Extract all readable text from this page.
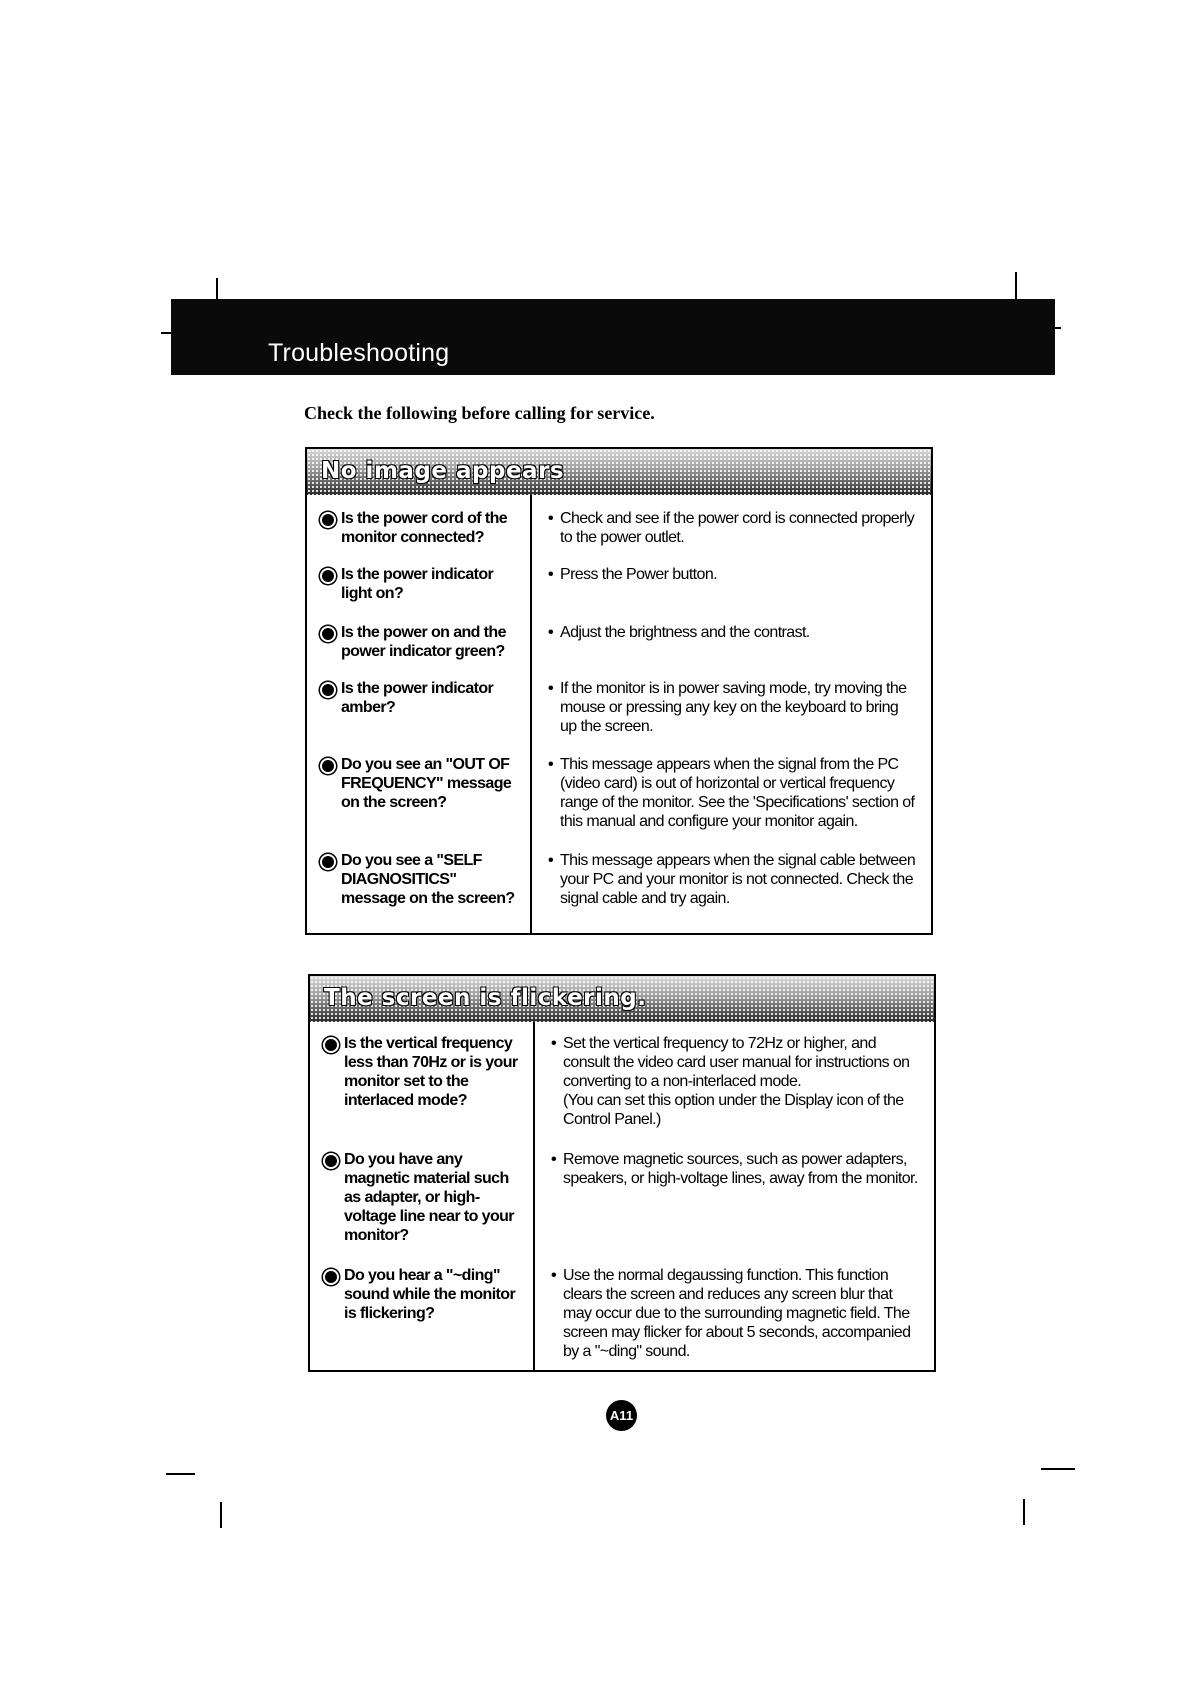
Troubleshooting
Check the following before calling for service.
No image appears
Is the power cord of the monitor connected?
• Check and see if the power cord is connected properly to the power outlet.
Is the power indicator light on?
• Press the Power button.
Is the power on and the power indicator green?
• Adjust the brightness and the contrast.
Is the power indicator amber?
• If the monitor is in power saving mode, try moving the mouse or pressing any key on the keyboard to bring up the screen.
Do you see an "OUT OF FREQUENCY" message on the screen?
• This message appears when the signal from the PC (video card) is out of horizontal or vertical frequency range of the monitor. See the 'Specifications' section of this manual and configure your monitor again.
Do you see a "SELF DIAGNOSITICS" message on the screen?
• This message appears when the signal cable between your PC and your monitor is not connected. Check the signal cable and try again.
The screen is flickering.
Is the vertical frequency less than 70Hz or is your monitor set to the interlaced mode?
• Set the vertical frequency to 72Hz or higher, and consult the video card user manual for instructions on converting to a non-interlaced mode.
(You can set this option under the Display icon of the Control Panel.)
Do you have any magnetic material such as adapter, or high-voltage line near to your monitor?
• Remove magnetic sources, such as power adapters, speakers, or high-voltage lines, away from the monitor.
Do you hear a "~ding" sound while the monitor is flickering?
• Use the normal degaussing function. This function clears the screen and reduces any screen blur that may occur due to the surrounding magnetic field. The screen may flicker for about 5 seconds, accompanied by a "~ding" sound.
A11
